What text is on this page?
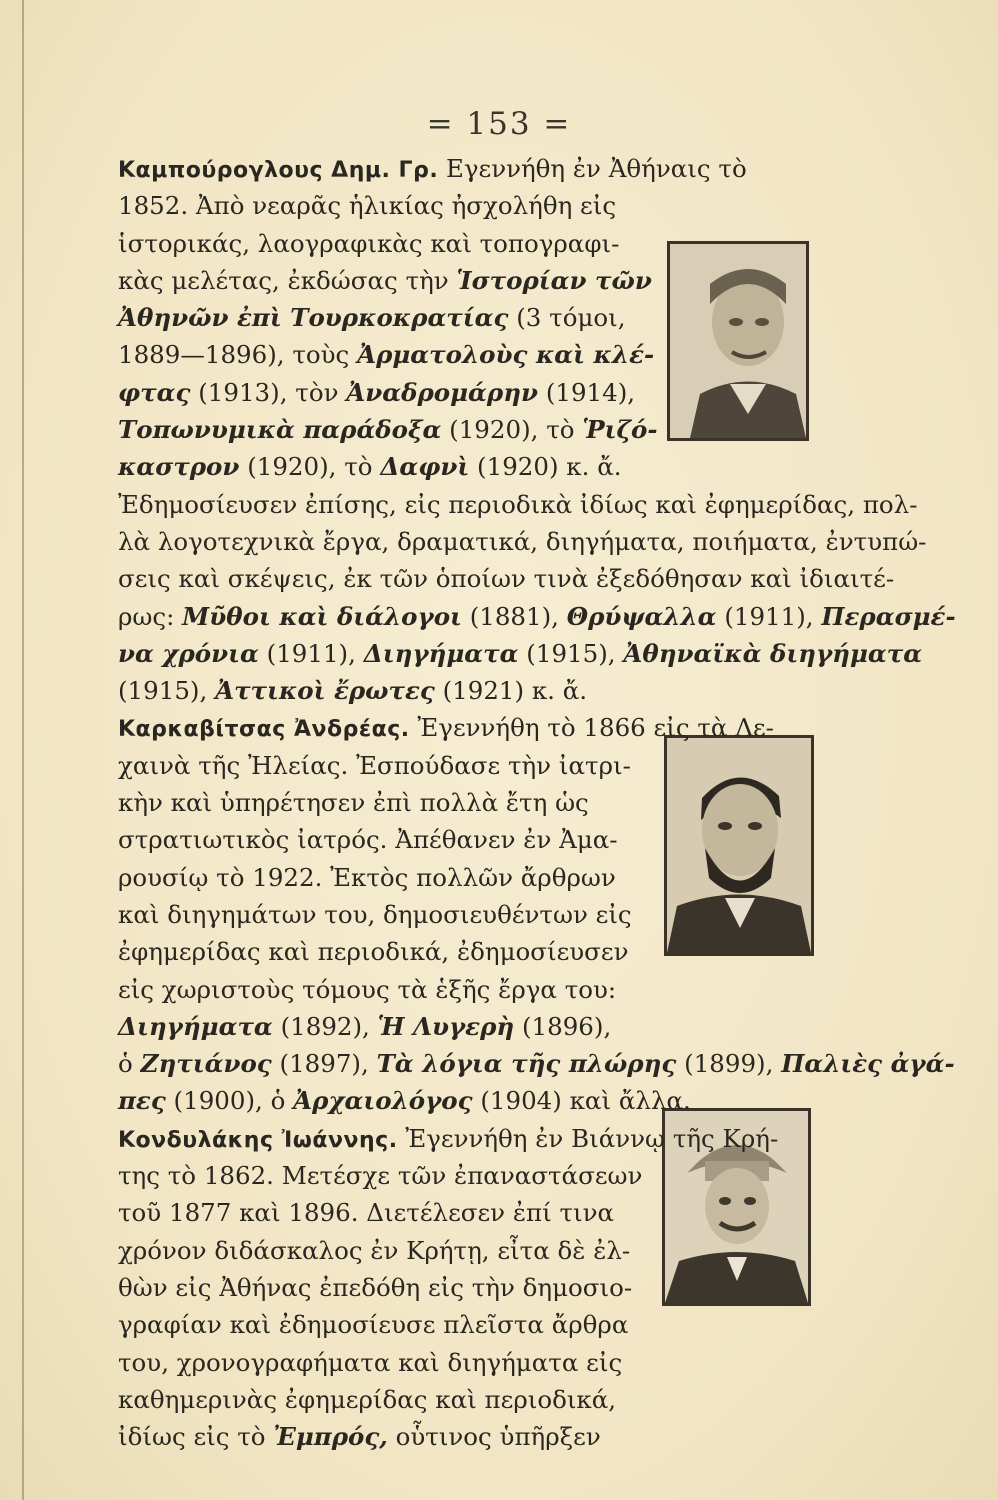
= 153 =
Καμπούρογλους Δημ. Γρ. Εγεννήθη ἐν Ἀθήναις τὸ
1852. Ἀπὸ νεαρᾶς ἡλικίας ἠσχολήθη εἰς
ἱστορικάς, λαογραφικὰς καὶ τοπογραφι-
κὰς μελέτας, ἐκδώσας τὴν Ἱστορίαν τῶν
Ἀθηνῶν ἐπὶ Τουρκοκρατίας (3 τόμοι,
1889—1896), τοὺς Ἀρματολοὺς καὶ κλέ-
φτας (1913), τὸν Ἀναδρομάρην (1914),
Τοπωνυμικὰ παράδοξα (1920), τὸ Ῥιζό-
καστρον (1920), τὸ Δαφνὶ (1920) κ. ἄ.
Ἐδημοσίευσεν ἐπίσης, εἰς περιοδικὰ ἰδίως καὶ ἐφημερίδας, πολ-
λὰ λογοτεχνικὰ ἔργα, δραματικά, διηγήματα, ποιήματα, ἐντυπώ-
σεις καὶ σκέψεις, ἐκ τῶν ὁποίων τινὰ ἐξεδόθησαν καὶ ἰδιαιτέ-
ρως: Μῦθοι καὶ διάλογοι (1881), Θρύψαλλα (1911), Περασμέ-
να χρόνια (1911), Διηγήματα (1915), Ἀθηναϊκὰ διηγήματα
(1915), Ἀττικοὶ ἔρωτες (1921) κ. ἄ.
Καρκαβίτσας Ἀνδρέας. Ἐγεννήθη τὸ 1866 εἰς τὰ Λε-
χαινὰ τῆς Ἠλείας. Ἐσπούδασε τὴν ἰατρι-
κὴν καὶ ὑπηρέτησεν ἐπὶ πολλὰ ἔτη ὡς
στρατιωτικὸς ἰατρός. Ἀπέθανεν ἐν Ἀμα-
ρουσίῳ τὸ 1922. Ἐκτὸς πολλῶν ἄρθρων
καὶ διηγημάτων του, δημοσιευθέντων εἰς
ἐφημερίδας καὶ περιοδικά, ἐδημοσίευσεν
εἰς χωριστοὺς τόμους τὰ ἑξῆς ἔργα του:
Διηγήματα (1892), Ἡ Λυγερὴ (1896),
ὁ Ζητιάνος (1897), Τὰ λόγια τῆς πλώρης (1899), Παλιὲς ἀγά-
πες (1900), ὁ Ἀρχαιολόγος (1904) καὶ ἄλλα.
Κονδυλάκης Ἰωάννης. Ἐγεννήθη ἐν Βιάννῳ τῆς Κρή-
της τὸ 1862. Μετέσχε τῶν ἐπαναστάσεων
τοῦ 1877 καὶ 1896. Διετέλεσεν ἐπί τινα
χρόνον διδάσκαλος ἐν Κρήτῃ, εἶτα δὲ ἐλ-
θὼν εἰς Ἀθήνας ἐπεδόθη εἰς τὴν δημοσιο-
γραφίαν καὶ ἐδημοσίευσε πλεῖστα ἄρθρα
του, χρονογραφήματα καὶ διηγήματα εἰς
καθημερινὰς ἐφημερίδας καὶ περιοδικά,
ἰδίως εἰς τὸ Ἐμπρός, οὗτινος ὑπῆρξεν
